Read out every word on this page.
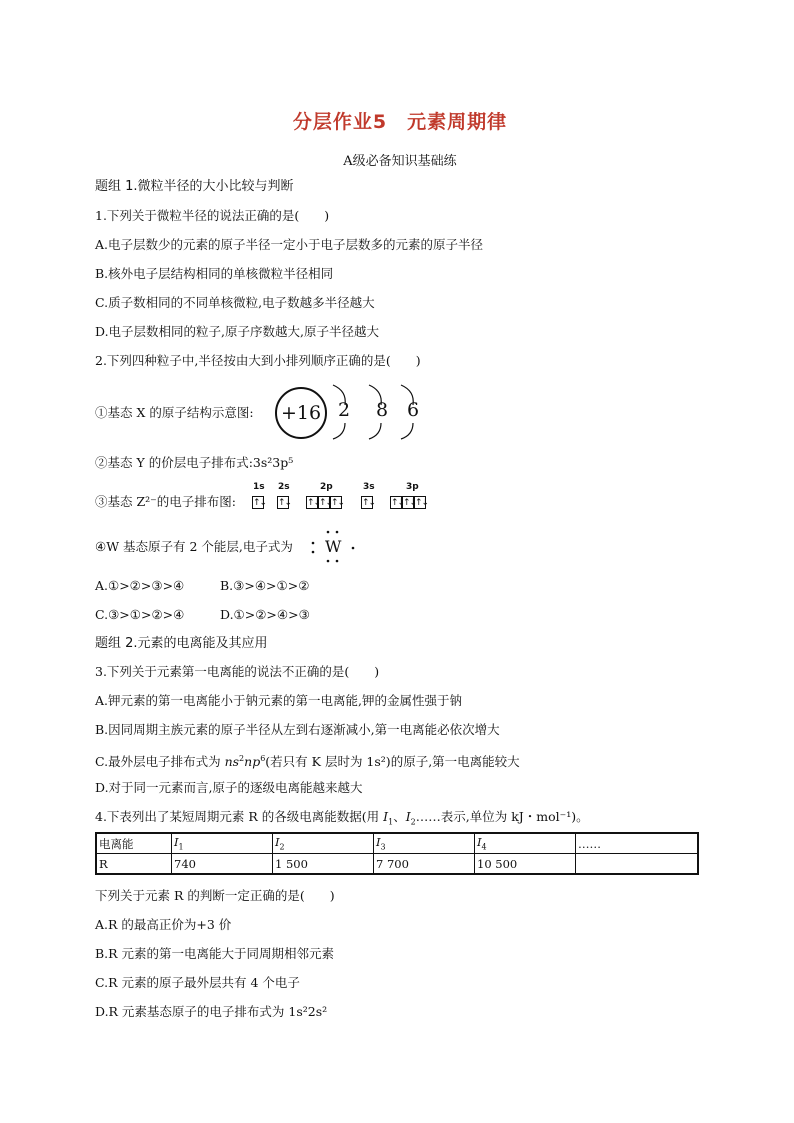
分层作业5　元素周期律
A级必备知识基础练
题组 1.微粒半径的大小比较与判断
1.下列关于微粒半径的说法正确的是(　　)
A.电子层数少的元素的原子半径一定小于电子层数多的元素的原子半径
B.核外电子层结构相同的单核微粒半径相同
C.质子数相同的不同单核微粒,电子数越多半径越大
D.电子层数相同的粒子,原子序数越大,原子半径越大
2.下列四种粒子中,半径按由大到小排列顺序正确的是(　　)
①基态 X 的原子结构示意图:	+16 2 8 6
②基态 Y 的价层电子排布式:3s²3p⁵
③基态 Z²⁻的电子排布图:
1s 2s	2p	3s	3p
↑↓ ↑↓ ↑↓
↑↓
↑↓ ↑↓ ↑↓
↑↓
↑↓
④W 基态原子有 2 个能层,电子式为 W
A.①>②>③>④	B.③>④>①>②
C.③>①>②>④	D.①>②>④>③
题组 2.元素的电离能及其应用
3.下列关于元素第一电离能的说法不正确的是(　　)
A.钾元素的第一电离能小于钠元素的第一电离能,钾的金属性强于钠
B.因同周期主族元素的原子半径从左到右逐渐减小,第一电离能必依次增大
C.最外层电子排布式为 $ns^2np^6$(若只有 K 层时为 1s²)的原子,第一电离能较大
D.对于同一元素而言,原子的逐级电离能越来越大
4.下表列出了某短周期元素 R 的各级电离能数据(用 $I_1$、$I_2\dots\dots$表示,单位为 kJ・mol⁻¹)。
电离能	$I_1$	$I_2$	$I_3$	$I_4$	……
R	740	1 500	7 700	10 500	
下列关于元素 R 的判断一定正确的是(　　)
A.R 的最高正价为+3 价
B.R 元素的第一电离能大于同周期相邻元素
C.R 元素的原子最外层共有 4 个电子
D.R 元素基态原子的电子排布式为 1s²2s²
